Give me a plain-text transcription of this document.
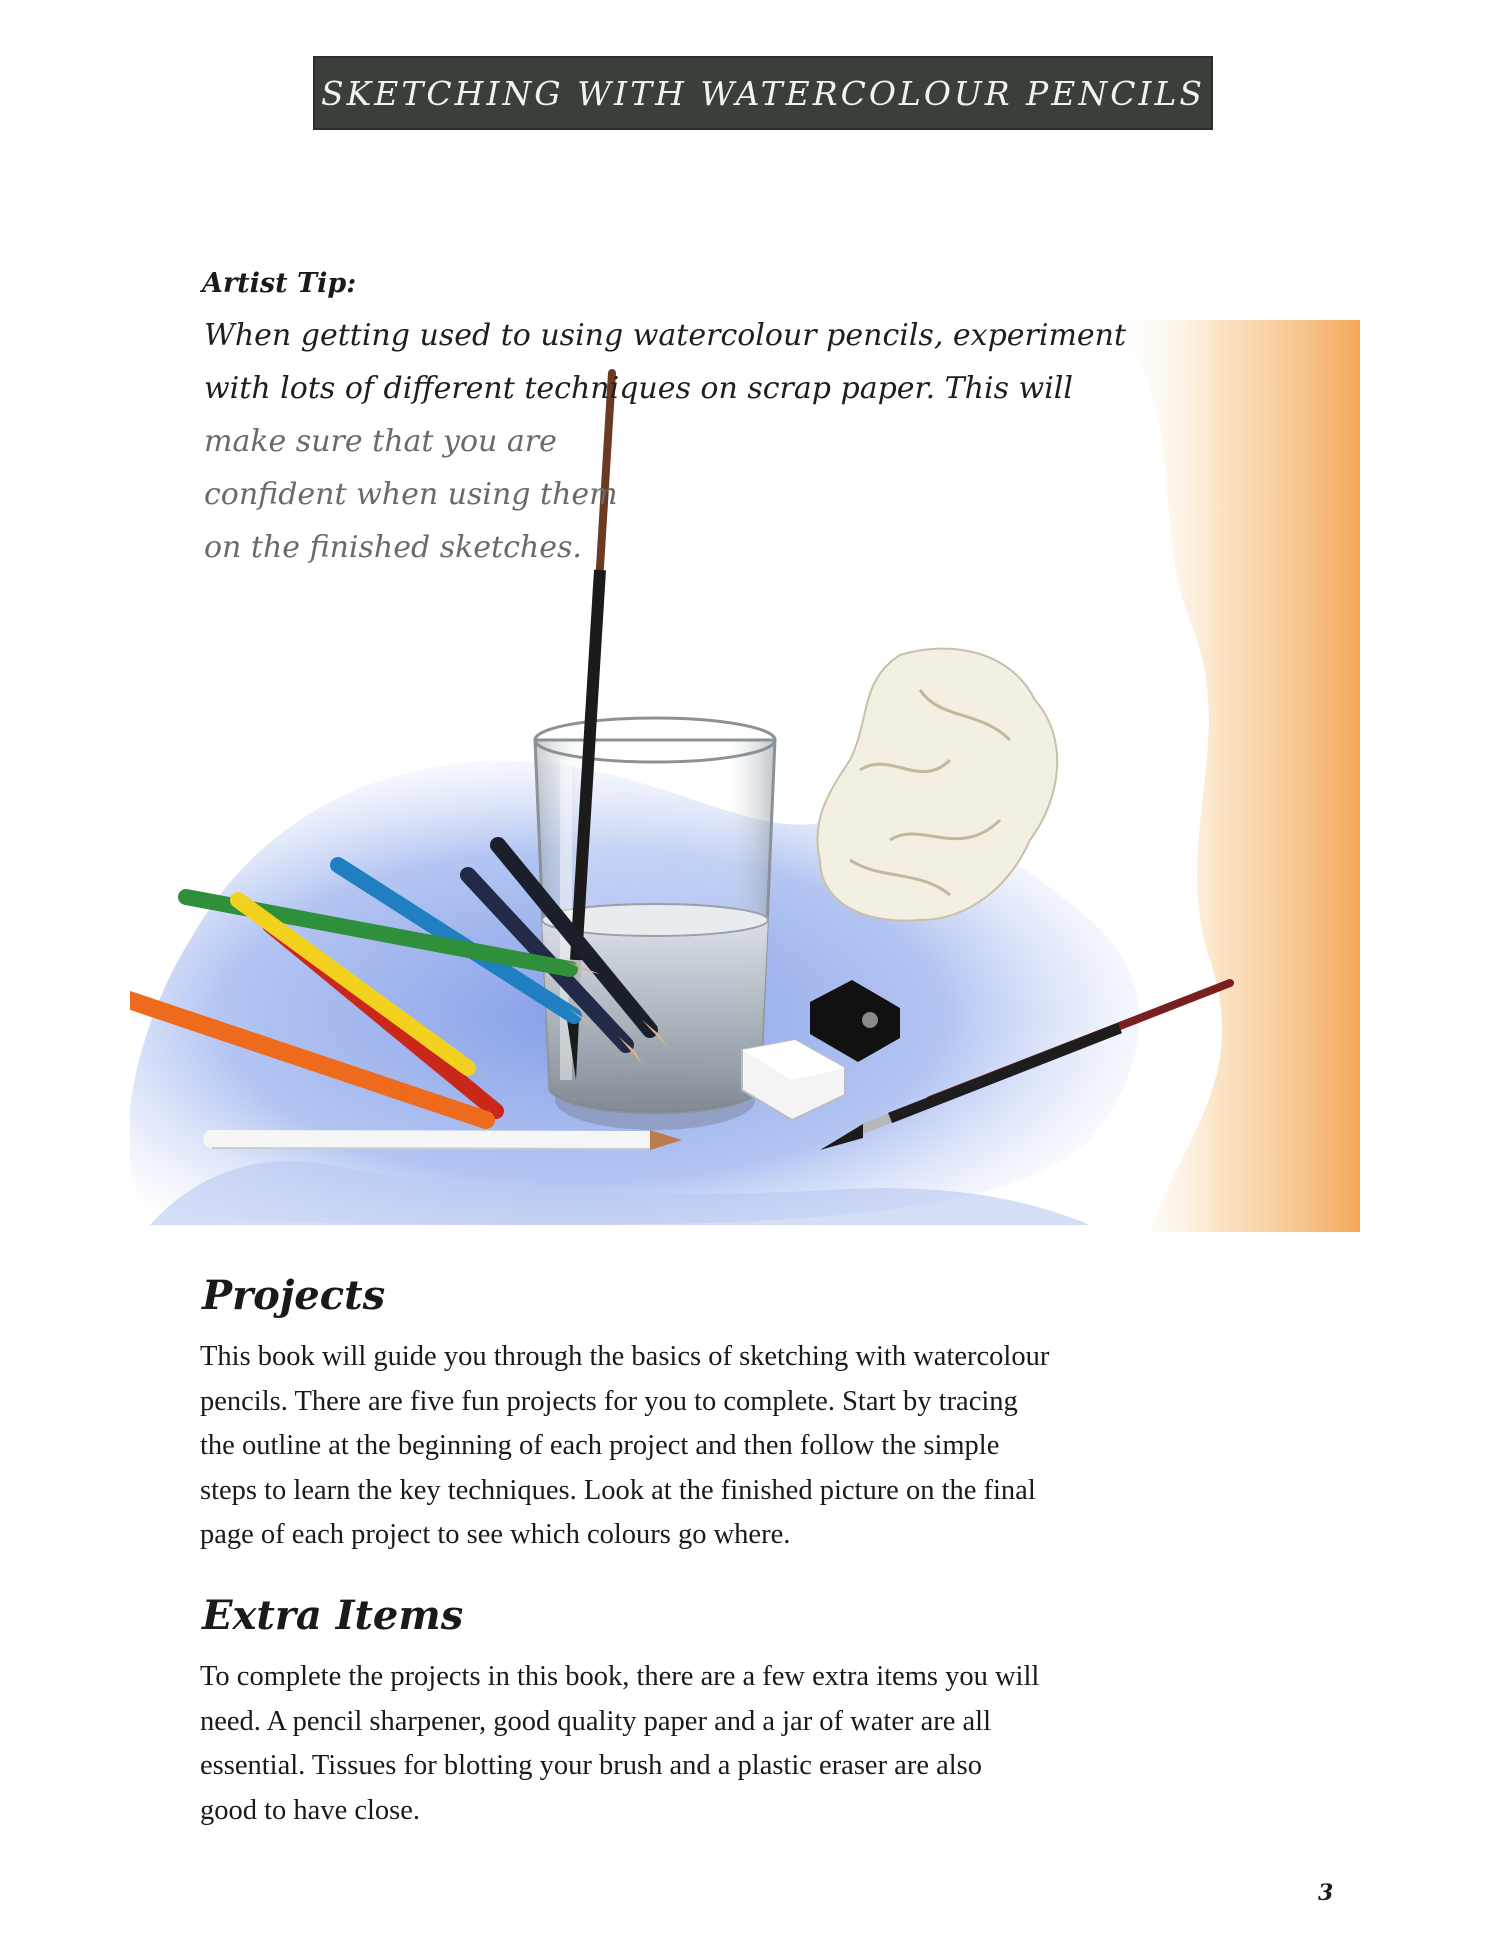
SKETCHING WITH WATERCOLOUR PENCILS

Artist Tip:

When getting used to using watercolour pencils, experiment

with lots of different techniques on scrap paper. This will

make sure that you are

confident when using them

on the finished sketches.

Projects
This book will guide you through the basics of sketching with watercolour
pencils. There are five fun projects for you to complete. Start by tracing
the outline at the beginning of each project and then follow the simple
steps to learn the key techniques. Look at the finished picture on the final
page of each project to see which colours go where.
Extra Items
To complete the projects in this book, there are a few extra items you will
need. A pencil sharpener, good quality paper and a jar of water are all
essential. Tissues for blotting your brush and a plastic eraser are also
good to have close.
3
